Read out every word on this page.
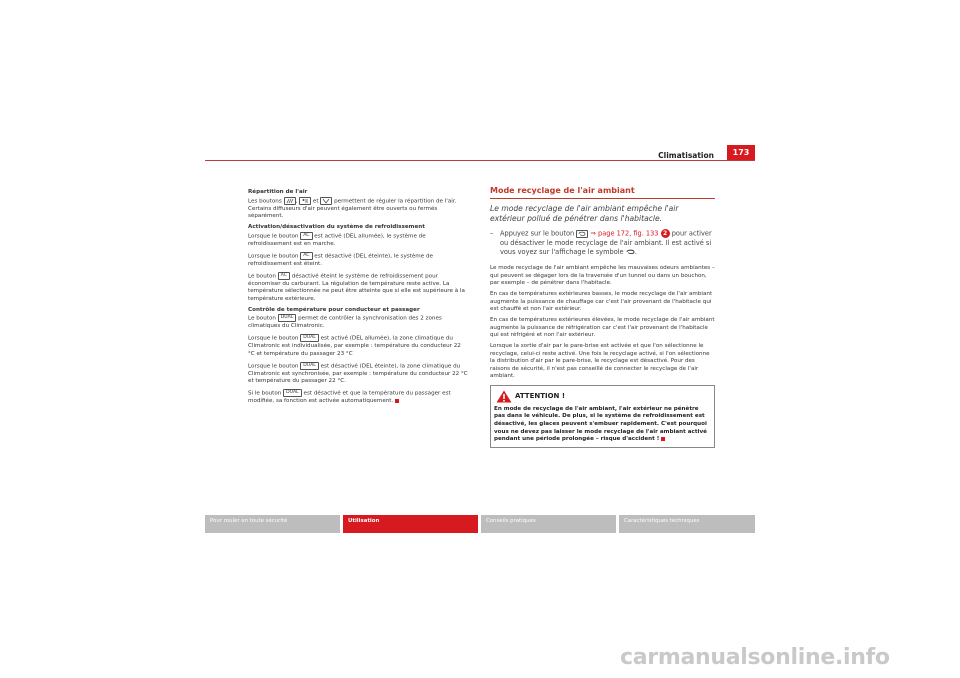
Climatisation	173

Répartition de l'air

Les boutons ,	et	permettent de réguler la répartition de l'air. Certains diffuseurs d'air peuvent également être ouverts ou fermés séparément.

Activation/désactivation du système de refroidissement

Lorsque le bouton AC est activé (DEL allumée), le système de refroidissement est en marche.

Lorsque le bouton AC est désactivé (DEL éteinte), le système de refroidissement est éteint.

Le bouton AC désactivé éteint le système de refroidissement pour économiser du carburant. La régulation de température reste active. La température sélectionnée ne peut être atteinte que si elle est supérieure à la température extérieure.

Contrôle de température pour conducteur et passager

Le bouton DUAL permet de contrôler la synchronisation des 2 zones climatiques du Climatronic.

Lorsque le bouton DUAL est activé (DEL allumée), la zone climatique du Climatronic est individualisée, par exemple : température du conducteur 22 °C et température du passager 23 °C

Lorsque le bouton DUAL est désactivé (DEL éteinte), la zone climatique du Climatronic est synchronisée, par exemple : température du conducteur 22 °C et température du passager 22 °C.

Si le bouton DUAL est désactivé et que la température du passager est modifiée, sa fonction est activée automatiquement.

Mode recyclage de l'air ambiant

Le mode recyclage de l'air ambiant empêche l'air extérieur pollué de pénétrer dans l'habitacle.

– Appuyez sur le bouton ⇒ page 172, fig. 133 2 pour activer ou désactiver le mode recyclage de l'air ambiant. Il est activé si vous voyez sur l'affichage le symbole .

Le mode recyclage de l'air ambiant empêche les mauvaises odeurs ambiantes – qui peuvent se dégager lors de la traversée d'un tunnel ou dans un bouchon, par exemple – de pénétrer dans l'habitacle.

En cas de températures extérieures basses, le mode recyclage de l'air ambiant augmente la puissance de chauffage car c'est l'air provenant de l'habitacle qui est chauffé et non l'air extérieur.

En cas de températures extérieures élevées, le mode recyclage de l'air ambiant augmente la puissance de réfrigération car c'est l'air provenant de l'habitacle qui est réfrigéré et non l'air extérieur.

Lorsque la sortie d'air par le pare-brise est activée et que l'on sélectionne le recyclage, celui-ci reste activé. Une fois le recyclage activé, si l'on sélectionne la distribution d'air par le pare-brise, le recyclage est désactivé. Pour des raisons de sécurité, il n'est pas conseillé de connecter le recyclage de l'air ambiant.

ATTENTION !
En mode de recyclage de l'air ambiant, l'air extérieur ne pénètre pas dans le véhicule. De plus, si le système de refroidissement est désactivé, les glaces peuvent s'embuer rapidement. C'est pourquoi vous ne devez pas laisser le mode recyclage de l'air ambiant activé pendant une période prolongée – risque d'accident !
Pour rouler en toute sécurité	Utilisation	Conseils pratiques	Caractéristiques techniques
carmanualsonline.info
